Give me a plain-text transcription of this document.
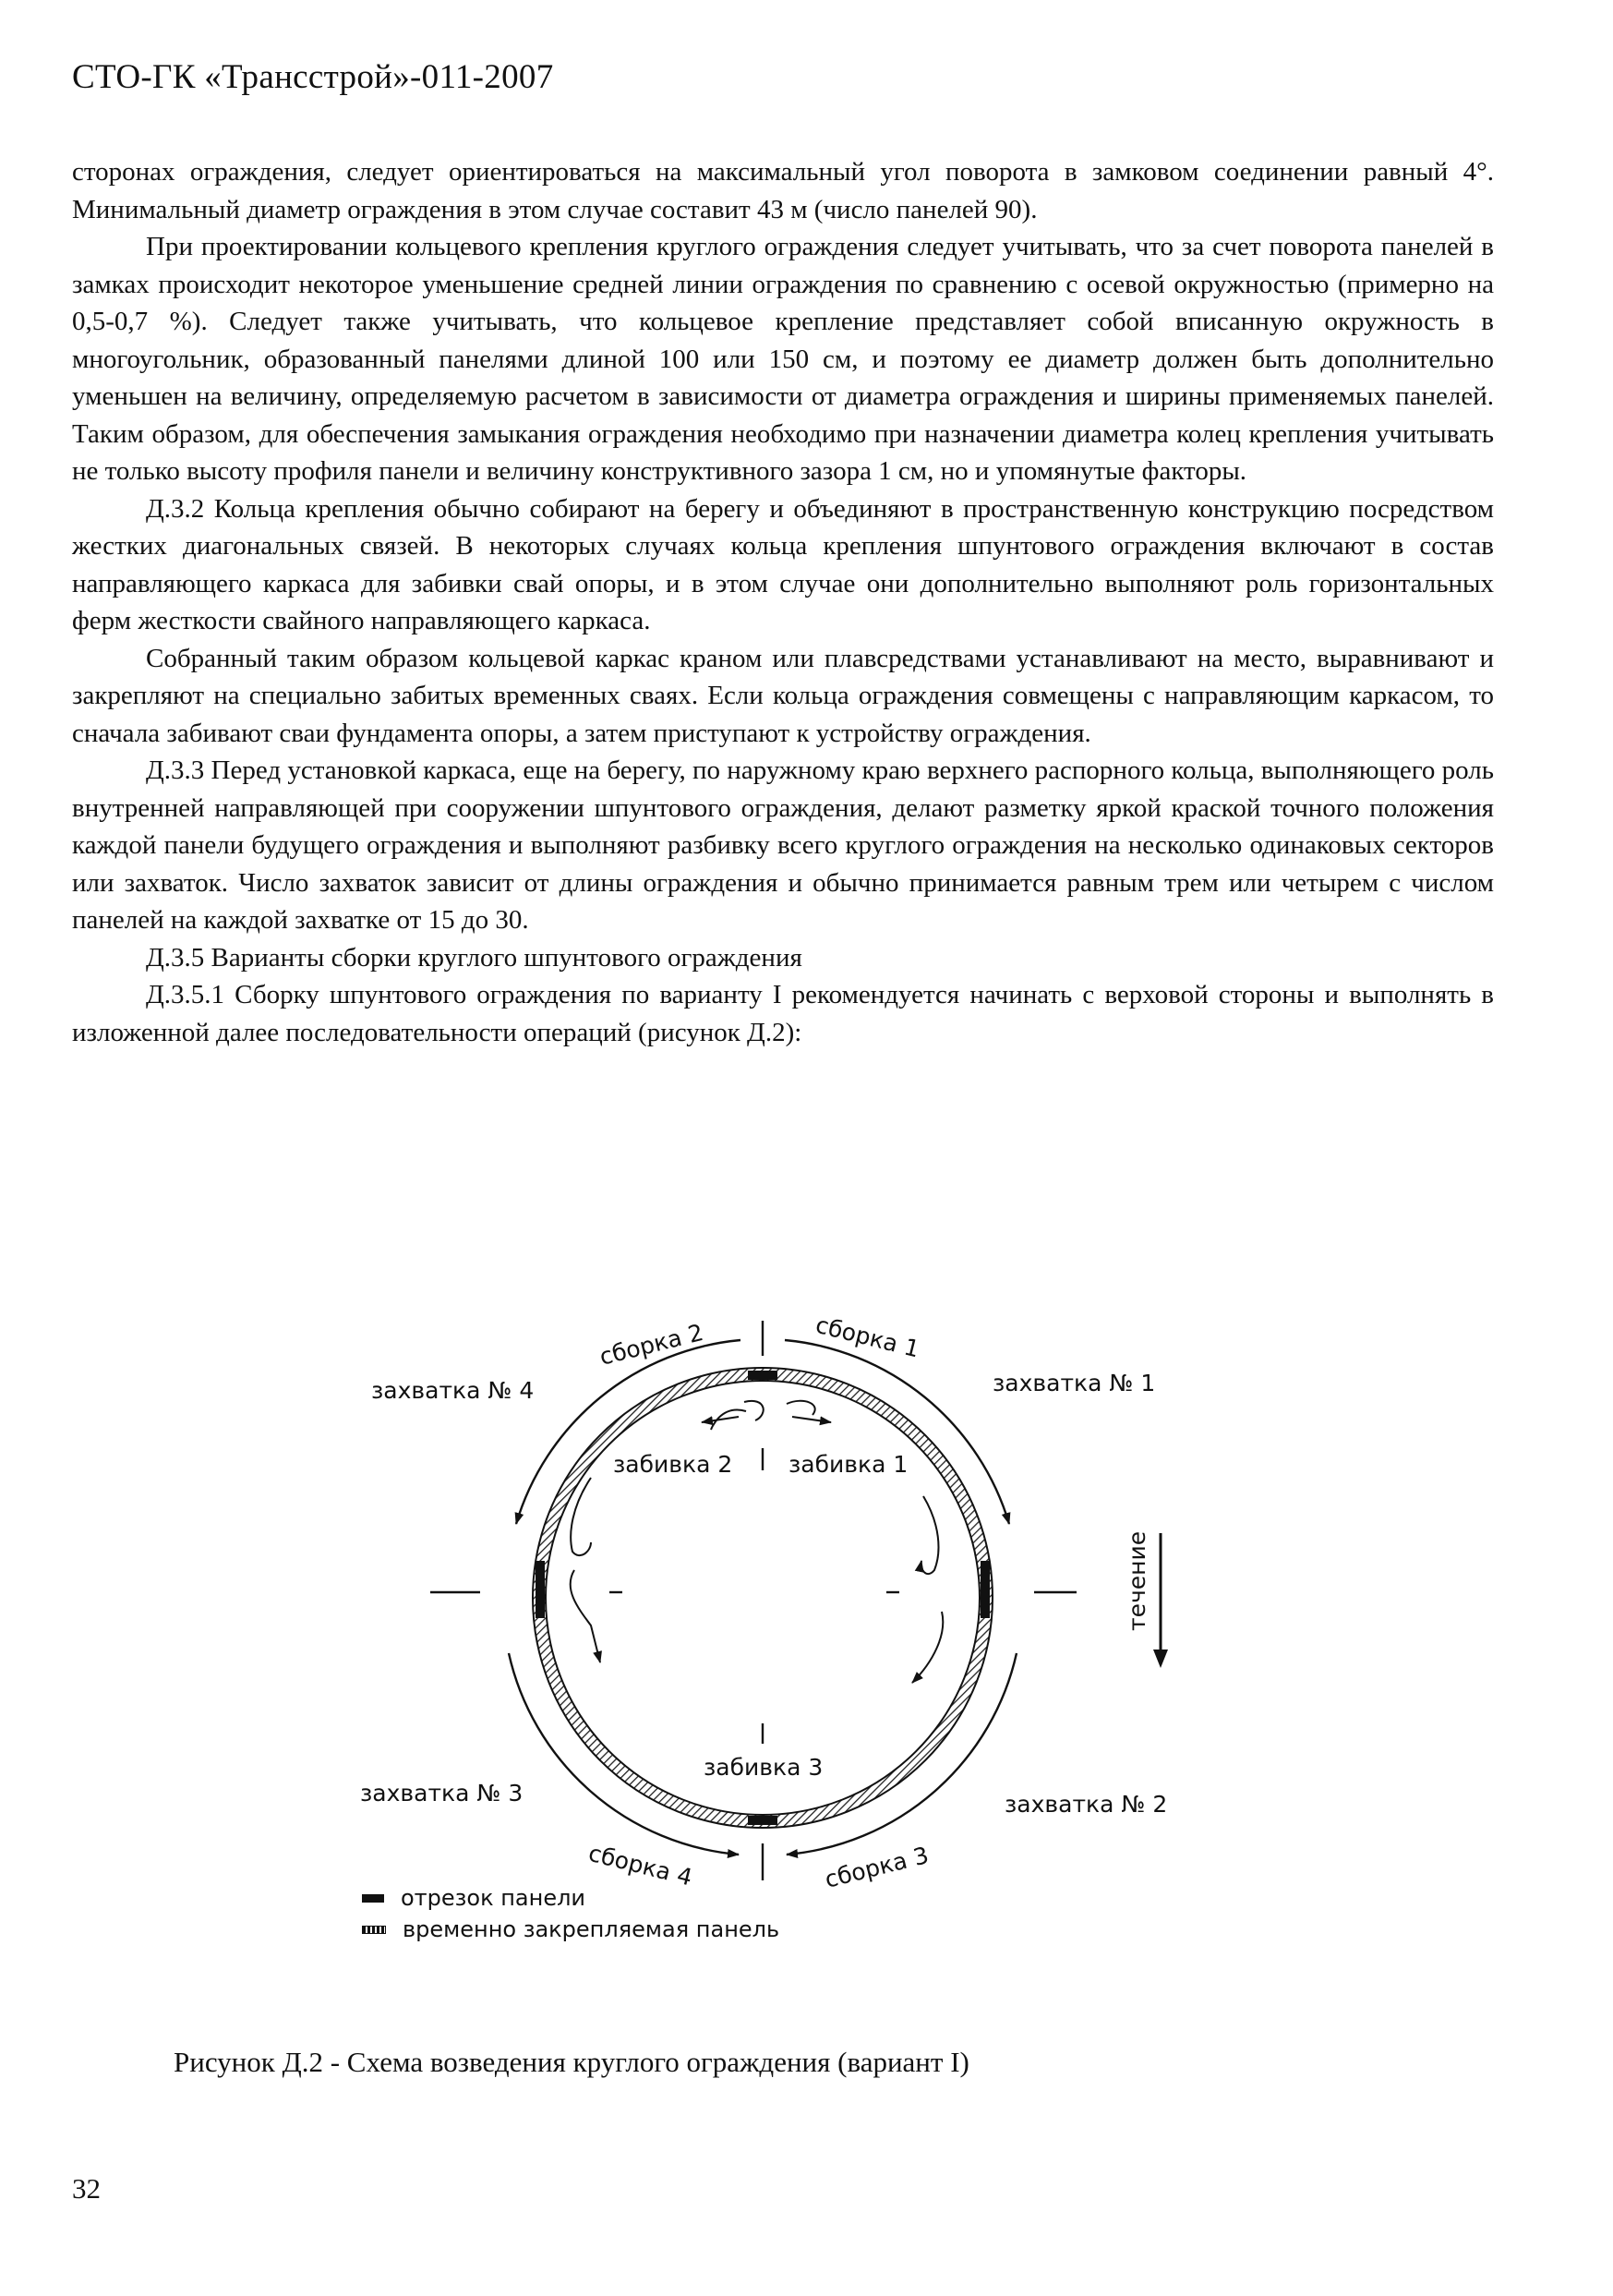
СТО-ГК «Трансстрой»-011-2007

сторонах ограждения, следует ориентироваться на максимальный угол поворота в замковом соединении равный 4°. Минимальный диаметр ограждения в этом случае составит 43 м (число панелей 90).

При проектировании кольцевого крепления круглого ограждения следует учитывать, что за счет поворота панелей в замках происходит некоторое уменьшение средней линии ограждения по сравнению с осевой окружностью (примерно на 0,5-0,7 %). Следует также учитывать, что кольцевое крепление представляет собой вписанную окружность в многоугольник, образованный панелями длиной 100 или 150 см, и поэтому ее диаметр должен быть дополнительно уменьшен на величину, определяемую расчетом в зависимости от диаметра ограждения и ширины применяемых панелей. Таким образом, для обеспечения замыкания ограждения необходимо при назначении диаметра колец крепления учитывать не только высоту профиля панели и величину конструктивного зазора 1 см, но и упомянутые факторы.

Д.3.2 Кольца крепления обычно собирают на берегу и объединяют в пространственную конструкцию посредством жестких диагональных связей. В некоторых случаях кольца крепления шпунтового ограждения включают в состав направляющего каркаса для забивки свай опоры, и в этом случае они дополнительно выполняют роль горизонтальных ферм жесткости свайного направляющего каркаса.

Собранный таким образом кольцевой каркас краном или плавсредствами устанавливают на место, выравнивают и закрепляют на специально забитых временных сваях. Если кольца ограждения совмещены с направляющим каркасом, то сначала забивают сваи фундамента опоры, а затем приступают к устройству ограждения.

Д.3.3 Перед установкой каркаса, еще на берегу, по наружному краю верхнего распорного кольца, выполняющего роль внутренней направляющей при сооружении шпунтового ограждения, делают разметку яркой краской точного положения каждой панели будущего ограждения и выполняют разбивку всего круглого ограждения на несколько одинаковых секторов или захваток. Число захваток зависит от длины ограждения и обычно принимается равным трем или четырем с числом панелей на каждой захватке от 15 до 30.

Д.3.5 Варианты сборки круглого шпунтового ограждения

Д.3.5.1 Сборку шпунтового ограждения по варианту I рекомендуется начинать с верховой стороны и выполнять в изложенной далее последовательности операций (рисунок Д.2):

захватка № 4	захватка № 1
захватка № 3	захватка № 2
сборка 2	сборка 1
сборка 3
сборка 4
забивка 2 забивка 1
забивка 3
течение
отрезок панели
временно закрепляемая панель
Рисунок Д.2 - Схема возведения круглого ограждения (вариант I)
32
